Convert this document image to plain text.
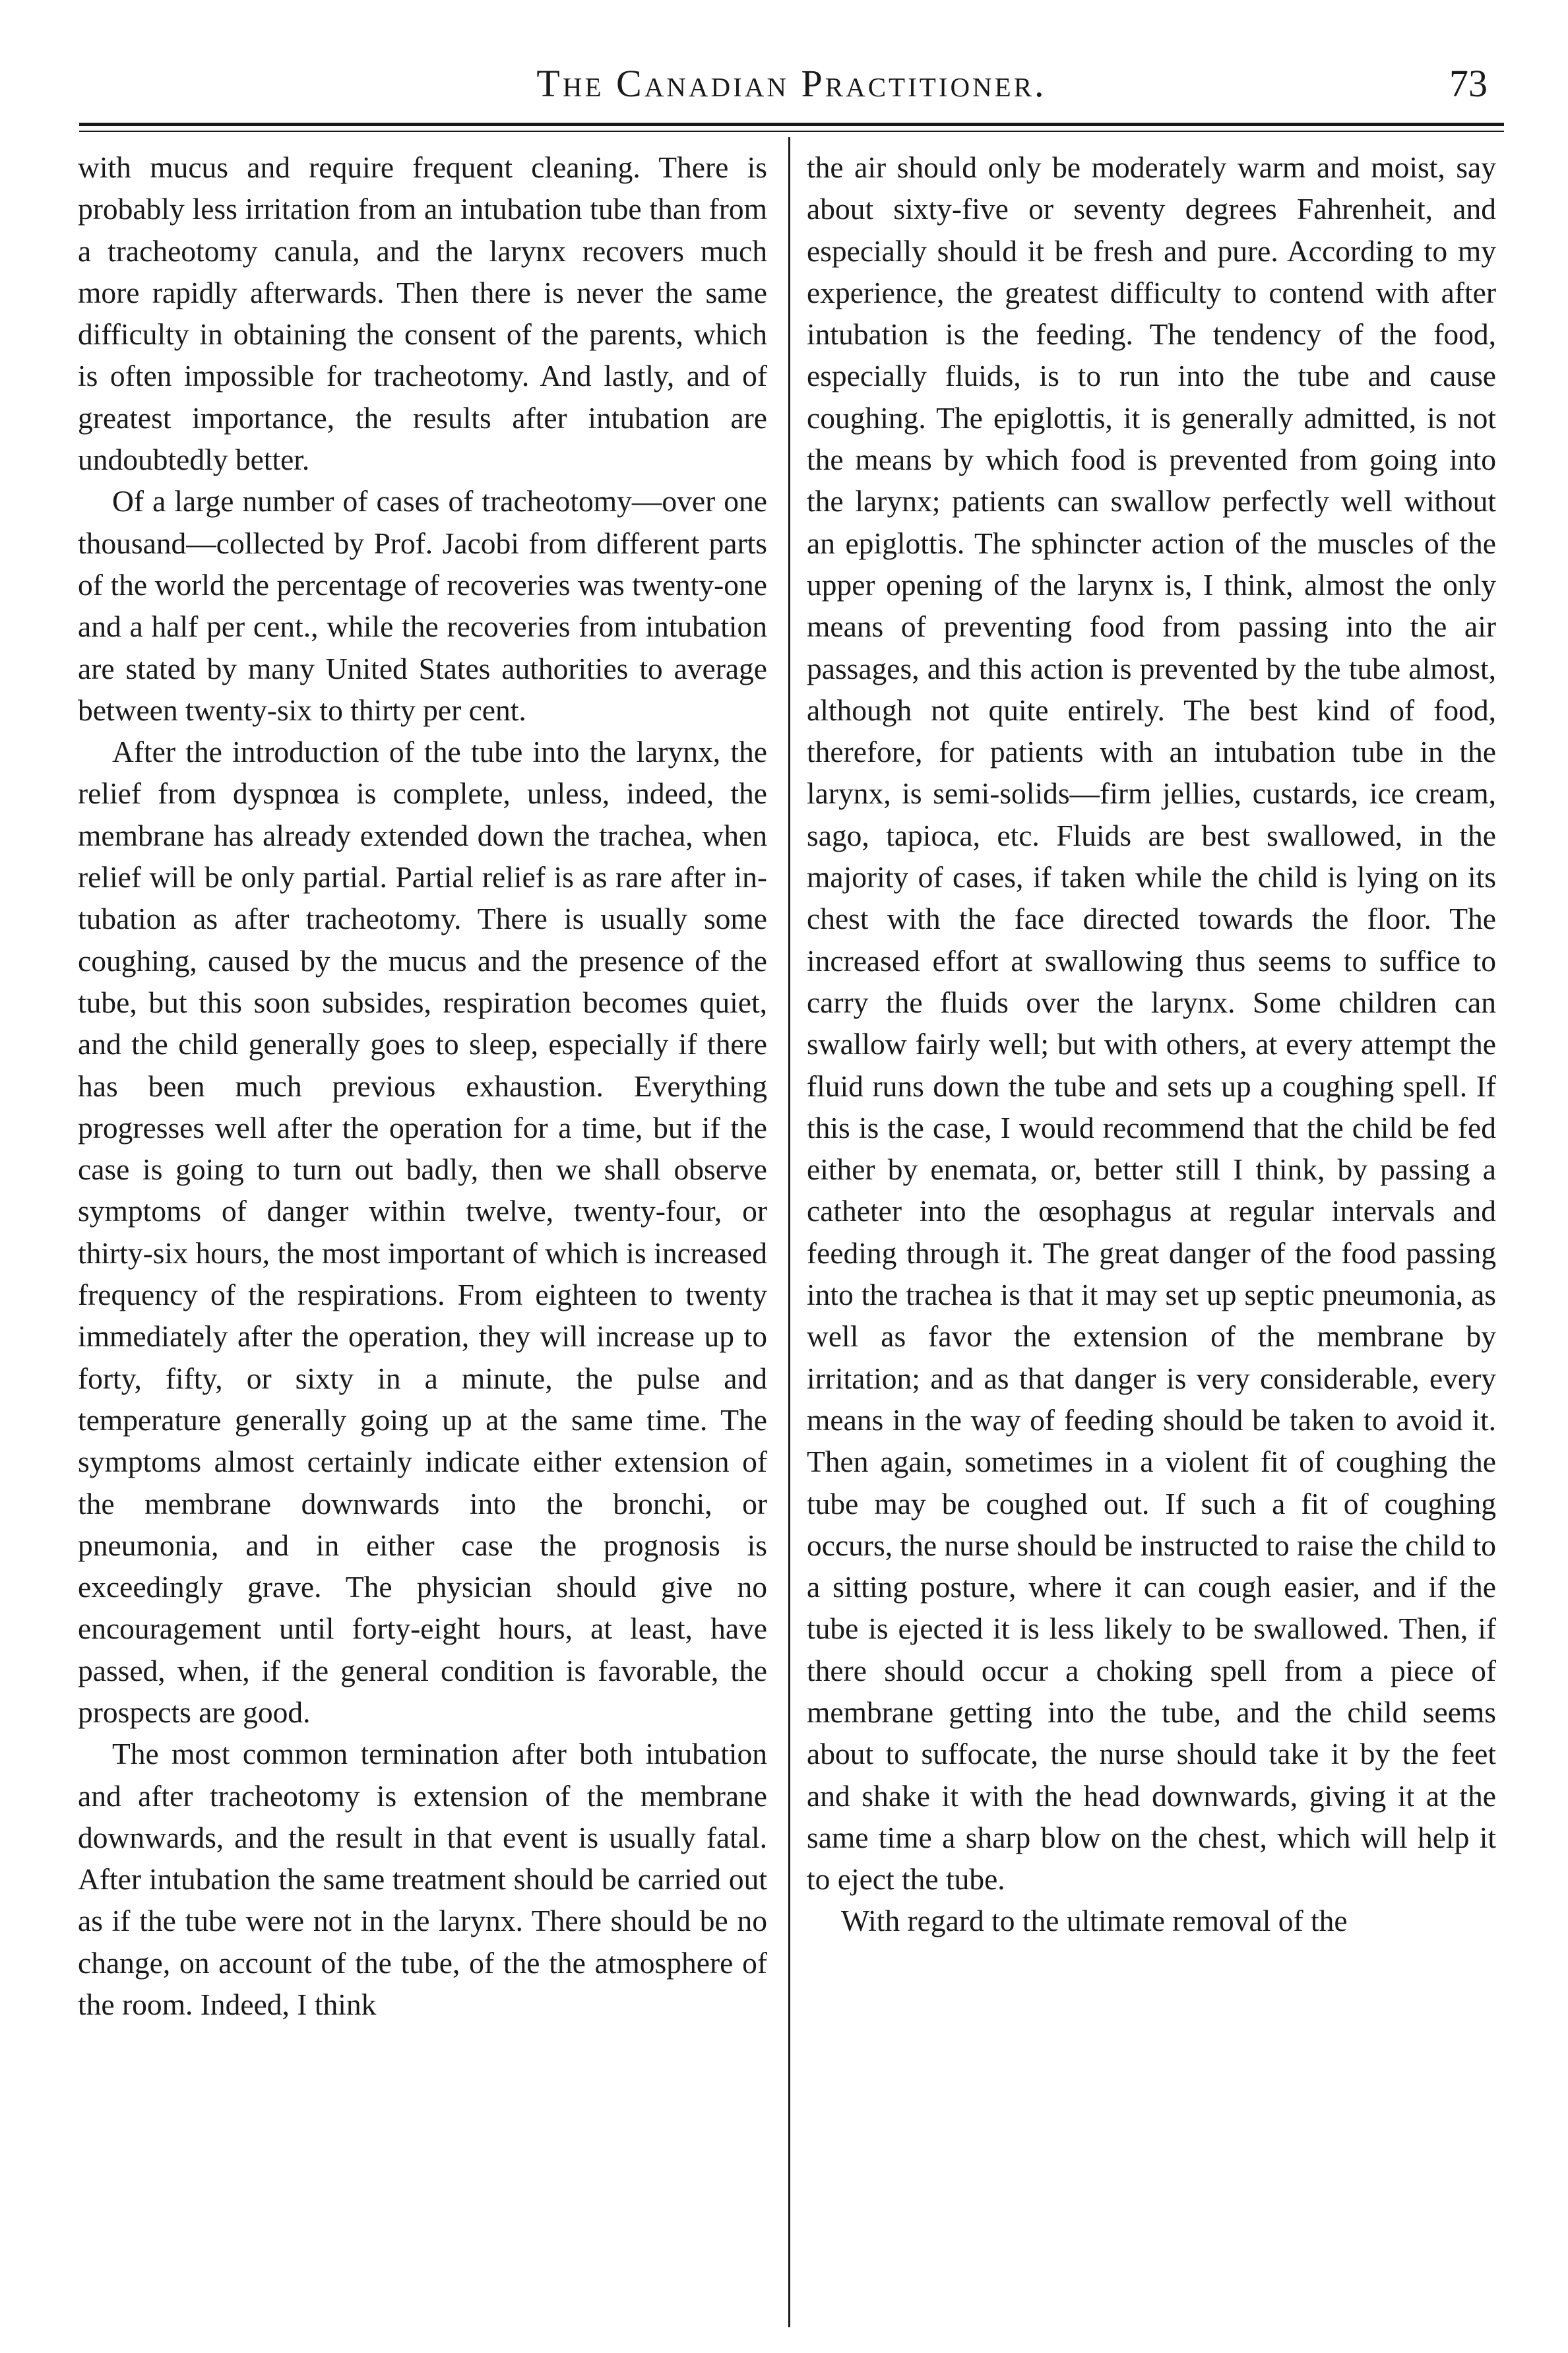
The Canadian Practitioner.	73

with mucus and require frequent cleaning. There is probably less irritation from an intubation tube than from a tracheotomy canula, and the larynx recovers much more rapidly afterwards. Then there is never the same difficulty in obtaining the consent of the parents, which is often impossible for tracheotomy. And lastly, and of greatest importance, the results after intubation are undoubtedly better.

Of a large number of cases of tracheotomy—over one thousand—collected by Prof. Jacobi from different parts of the world the percentage of recoveries was twenty-one and a half per cent., while the recoveries from intubation are stated by many United States authorities to average between twenty-six to thirty per cent.

After the introduction of the tube into the larynx, the relief from dyspnœa is complete, unless, indeed, the membrane has already extended down the trachea, when relief will be only partial. Partial relief is as rare after intubation as after tracheotomy. There is usually some coughing, caused by the mucus and the presence of the tube, but this soon subsides, respiration becomes quiet, and the child generally goes to sleep, especially if there has been much previous exhaustion. Everything progresses well after the operation for a time, but if the case is going to turn out badly, then we shall observe symptoms of danger within twelve, twenty-four, or thirty-six hours, the most important of which is increased frequency of the respirations. From eighteen to twenty immediately after the operation, they will increase up to forty, fifty, or sixty in a minute, the pulse and temperature generally going up at the same time. The symptoms almost certainly indicate either extension of the membrane downwards into the bronchi, or pneumonia, and in either case the prognosis is exceedingly grave. The physician should give no encouragement until forty-eight hours, at least, have passed, when, if the general condition is favorable, the prospects are good.

The most common termination after both intubation and after tracheotomy is extension of the membrane downwards, and the result in that event is usually fatal. After intubation the same treatment should be carried out as if the tube were not in the larynx. There should be no change, on account of the tube, of the the atmosphere of the room. Indeed, I think

the air should only be moderately warm and moist, say about sixty-five or seventy degrees Fahrenheit, and especially should it be fresh and pure. According to my experience, the greatest difficulty to contend with after intubation is the feeding. The tendency of the food, especially fluids, is to run into the tube and cause coughing. The epiglottis, it is generally admitted, is not the means by which food is prevented from going into the larynx; patients can swallow perfectly well without an epiglottis. The sphincter action of the muscles of the upper opening of the larynx is, I think, almost the only means of preventing food from passing into the air passages, and this action is prevented by the tube almost, although not quite entirely. The best kind of food, therefore, for patients with an intubation tube in the larynx, is semi-solids—firm jellies, custards, ice cream, sago, tapioca, etc. Fluids are best swallowed, in the majority of cases, if taken while the child is lying on its chest with the face directed towards the floor. The increased effort at swallowing thus seems to suffice to carry the fluids over the larynx. Some children can swallow fairly well; but with others, at every attempt the fluid runs down the tube and sets up a coughing spell. If this is the case, I would recommend that the child be fed either by enemata, or, better still I think, by passing a catheter into the œsophagus at regular intervals and feeding through it. The great danger of the food passing into the trachea is that it may set up septic pneumonia, as well as favor the extension of the membrane by irritation; and as that danger is very considerable, every means in the way of feeding should be taken to avoid it. Then again, sometimes in a violent fit of coughing the tube may be coughed out. If such a fit of coughing occurs, the nurse should be instructed to raise the child to a sitting posture, where it can cough easier, and if the tube is ejected it is less likely to be swallowed. Then, if there should occur a choking spell from a piece of membrane getting into the tube, and the child seems about to suffocate, the nurse should take it by the feet and shake it with the head downwards, giving it at the same time a sharp blow on the chest, which will help it to eject the tube.

With regard to the ultimate removal of the
